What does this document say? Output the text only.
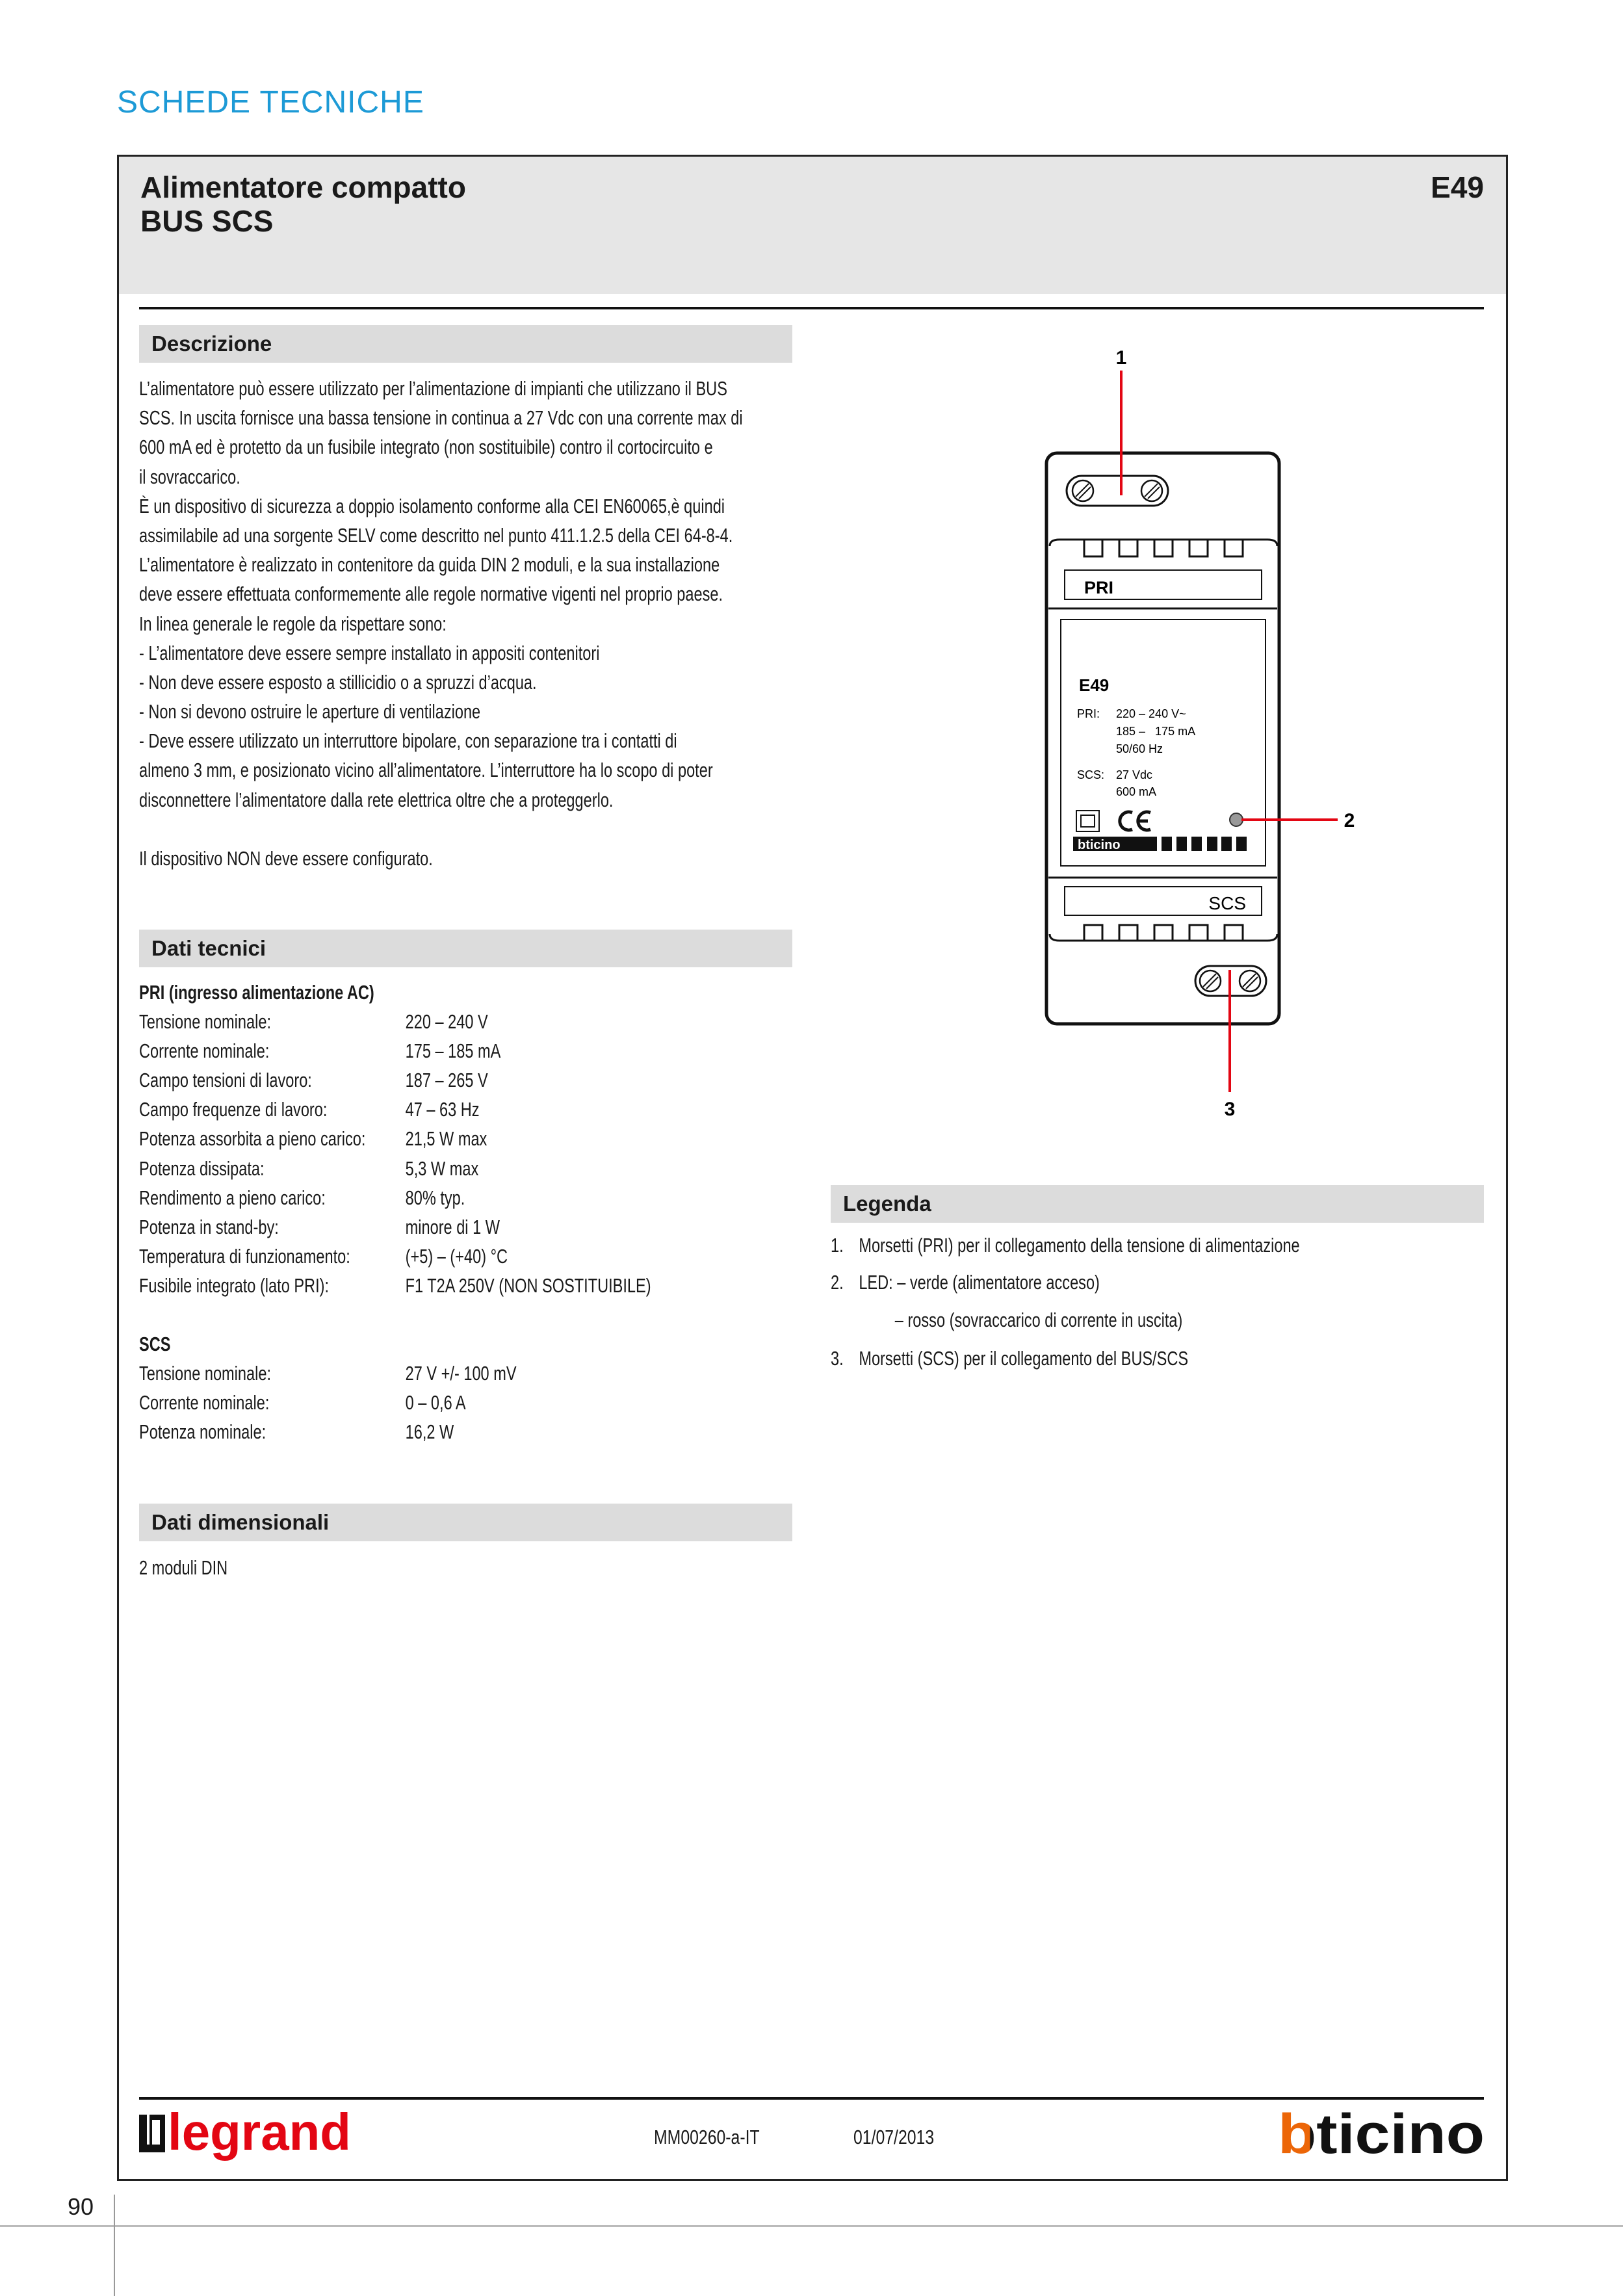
SCHEDE TECNICHE
Alimentatore compatto
BUS SCS
E49
Descrizione
L’alimentatore può essere utilizzato per l’alimentazione di impianti che utilizzano il BUS
SCS. In uscita fornisce una bassa tensione in continua a 27 Vdc con una corrente max di
600 mA ed è protetto da un fusibile integrato (non sostituibile) contro il cortocircuito e
il sovraccarico.
È un dispositivo di sicurezza a doppio isolamento conforme alla CEI EN60065,è quindi
assimilabile ad una sorgente SELV come descritto nel punto 411.1.2.5 della CEI 64-8-4.
L’alimentatore è realizzato in contenitore da guida DIN 2 moduli, e la sua installazione
deve essere effettuata conformemente alle regole normative vigenti nel proprio paese.
In linea generale le regole da rispettare sono:
- L’alimentatore deve essere sempre installato in appositi contenitori
- Non deve essere esposto a stillicidio o a spruzzi d’acqua.
- Non si devono ostruire le aperture di ventilazione
- Deve essere utilizzato un interruttore bipolare, con separazione tra i contatti di
almeno 3 mm, e posizionato vicino all’alimentatore. L’interruttore ha lo scopo di poter
disconnettere l’alimentatore dalla rete elettrica oltre che a proteggerlo.
Il dispositivo NON deve essere configurato.
Dati tecnici
PRI (ingresso alimentazione AC)
Tensione nominale:	220 – 240 V
Corrente nominale:	175 – 185 mA
Campo tensioni di lavoro:	187 – 265 V
Campo frequenze di lavoro:	47 – 63 Hz
Potenza assorbita a pieno carico:	21,5 W max
Potenza dissipata:	5,3 W max
Rendimento a pieno carico:	80% typ.
Potenza in stand-by:	minore di 1 W
Temperatura di funzionamento:	(+5) – (+40) °C
Fusibile integrato (lato PRI):	F1 T2A 250V (NON SOSTITUIBILE)
SCS
Tensione nominale:	27 V +/- 100 mV
Corrente nominale:	0 – 0,6 A
Potenza nominale:	16,2 W
Dati dimensionali
2 moduli DIN
Legenda
1. Morsetti (PRI) per il collegamento della tensione di alimentazione
2. LED: – verde (alimentatore acceso)
– rosso (sovraccarico di corrente in uscita)
3. Morsetti (SCS) per il collegamento del BUS/SCS
PRI
E49
PRI: 220 – 240 V~
185 –   175 mA
50/60 Hz
SCS: 27 Vdc
600 mA
bticino
SCS
1
2
3
legrand	MM00260-a-IT	01/07/2013	bticino
90
